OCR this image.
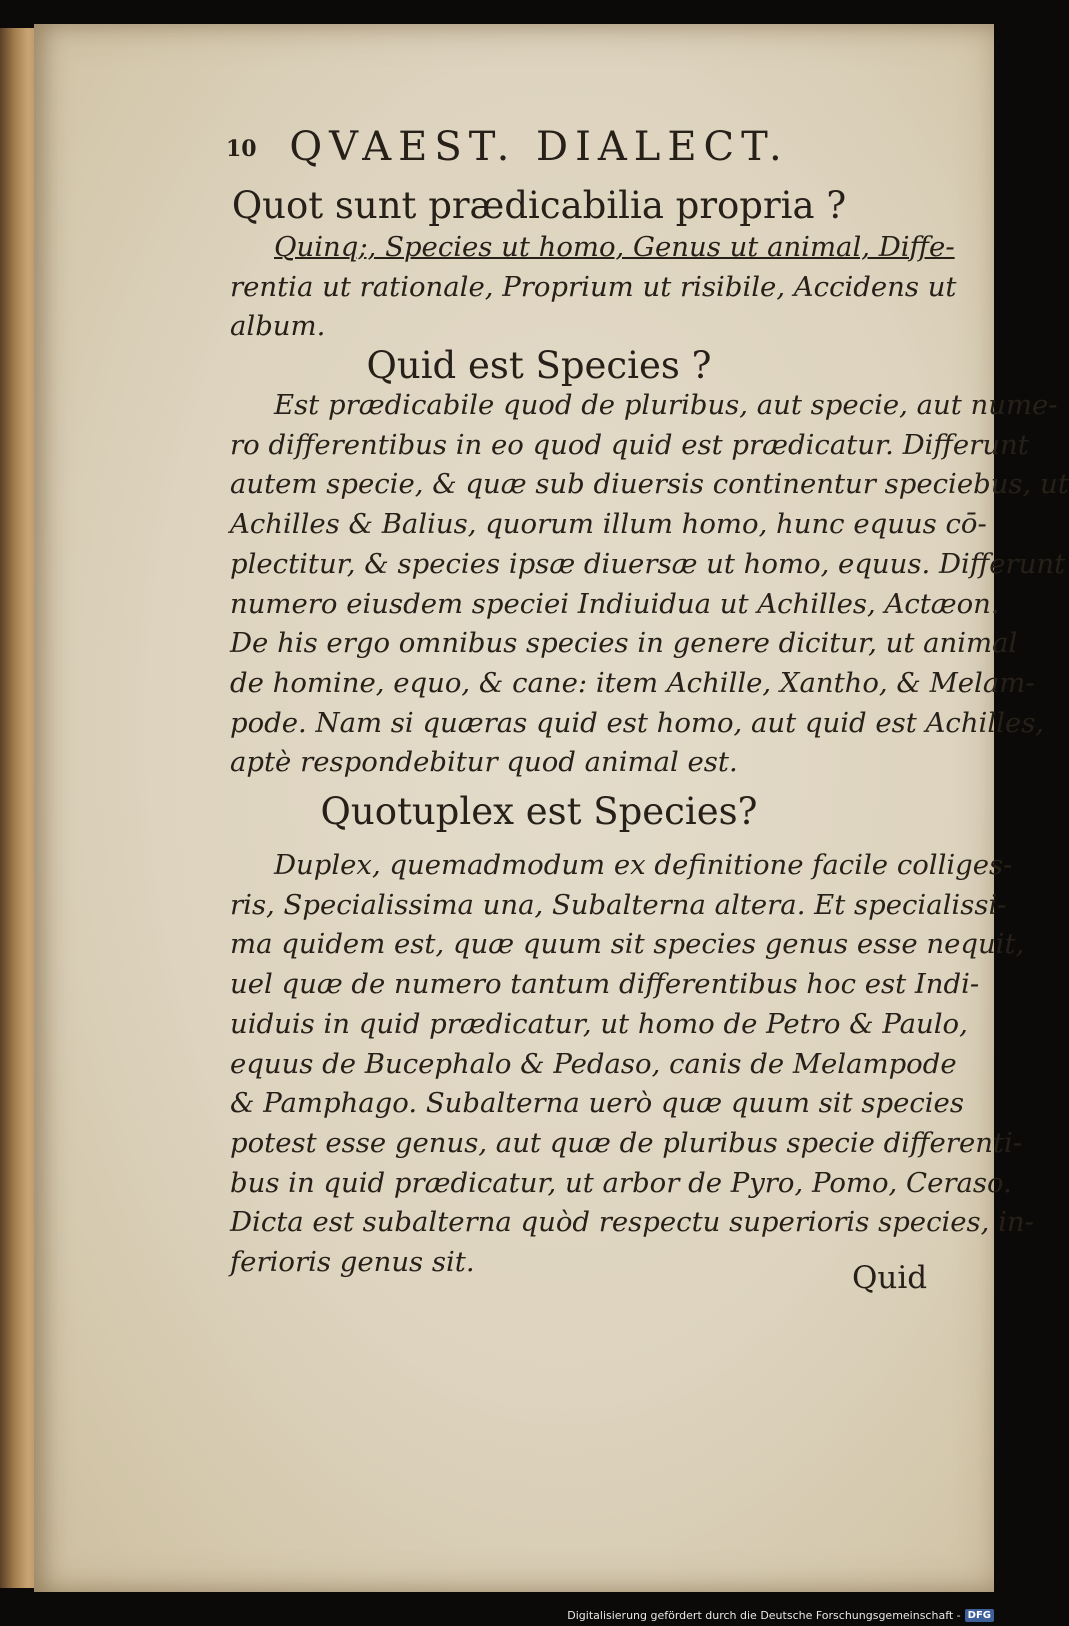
10 QVAEST. DIALECT.
Quot sunt prædicabilia propria ?
Quinq;, Species ut homo, Genus ut animal, Diffe-
rentia ut rationale, Proprium ut risibile, Accidens ut
album.
Quid est Species ?
Est prædicabile quod de pluribus, aut specie, aut nume-
ro differentibus in eo quod quid est prædicatur. Differunt
autem specie, & quæ sub diuersis continentur speciebus, ut
Achilles & Balius, quorum illum homo, hunc equus cō-
plectitur, & species ipsæ diuersæ ut homo, equus. Differunt
numero eiusdem speciei Indiuidua ut Achilles, Actæon.
De his ergo omnibus species in genere dicitur, ut animal
de homine, equo, & cane: item Achille, Xantho, & Melam-
pode. Nam si quæras quid est homo, aut quid est Achilles,
aptè respondebitur quod animal est.
Quotuplex est Species?
Duplex, quemadmodum ex definitione facile colliges-
ris, Specialissima una, Subalterna altera. Et specialissi-
ma quidem est, quæ quum sit species genus esse nequit,
uel quæ de numero tantum differentibus hoc est Indi-
uiduis in quid prædicatur, ut homo de Petro & Paulo,
equus de Bucephalo & Pedaso, canis de Melampode
& Pamphago. Subalterna uerò quæ quum sit species
potest esse genus, aut quæ de pluribus specie differenti-
bus in quid prædicatur, ut arbor de Pyro, Pomo, Ceraso.
Dicta est subalterna quòd respectu superioris species, in-
ferioris genus sit.	Quid
Digitalisierung gefördert durch die Deutsche Forschungsgemeinschaft - DFG
